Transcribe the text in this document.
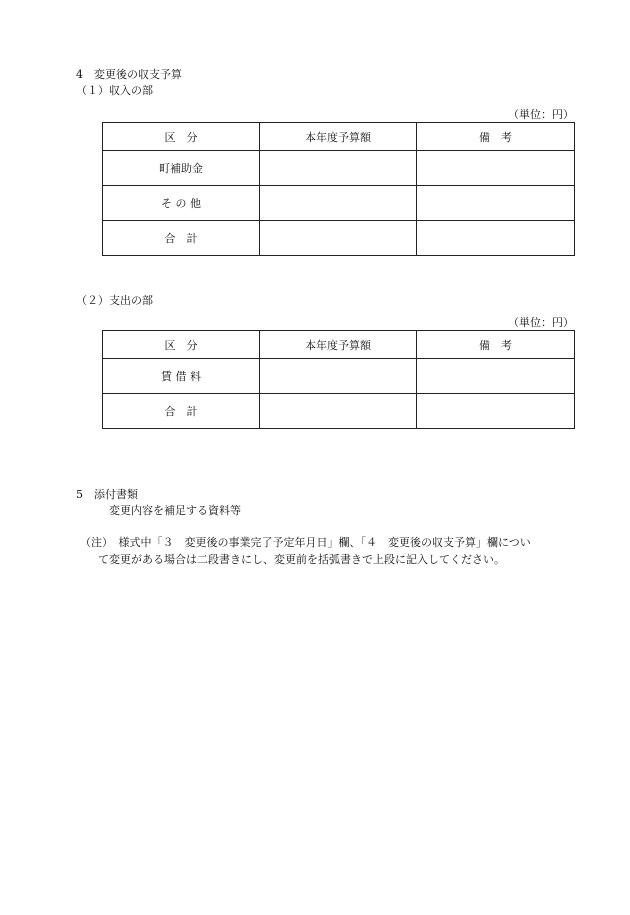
4　変更後の収支予算
（１）収入の部
（単位：円）
区　分	本年度予算額	備　考
町補助金		
そ の 他		
合　計		
（２）支出の部
（単位：円）
区　分	本年度予算額	備　考
賃 借 料		
合　計		
5　添付書類
変更内容を補足する資料等
（注）　様式中「３　変更後の事業完了予定年月日」欄、「４　変更後の収支予算」欄につい
て変更がある場合は二段書きにし、変更前を括弧書きで上段に記入してください。
